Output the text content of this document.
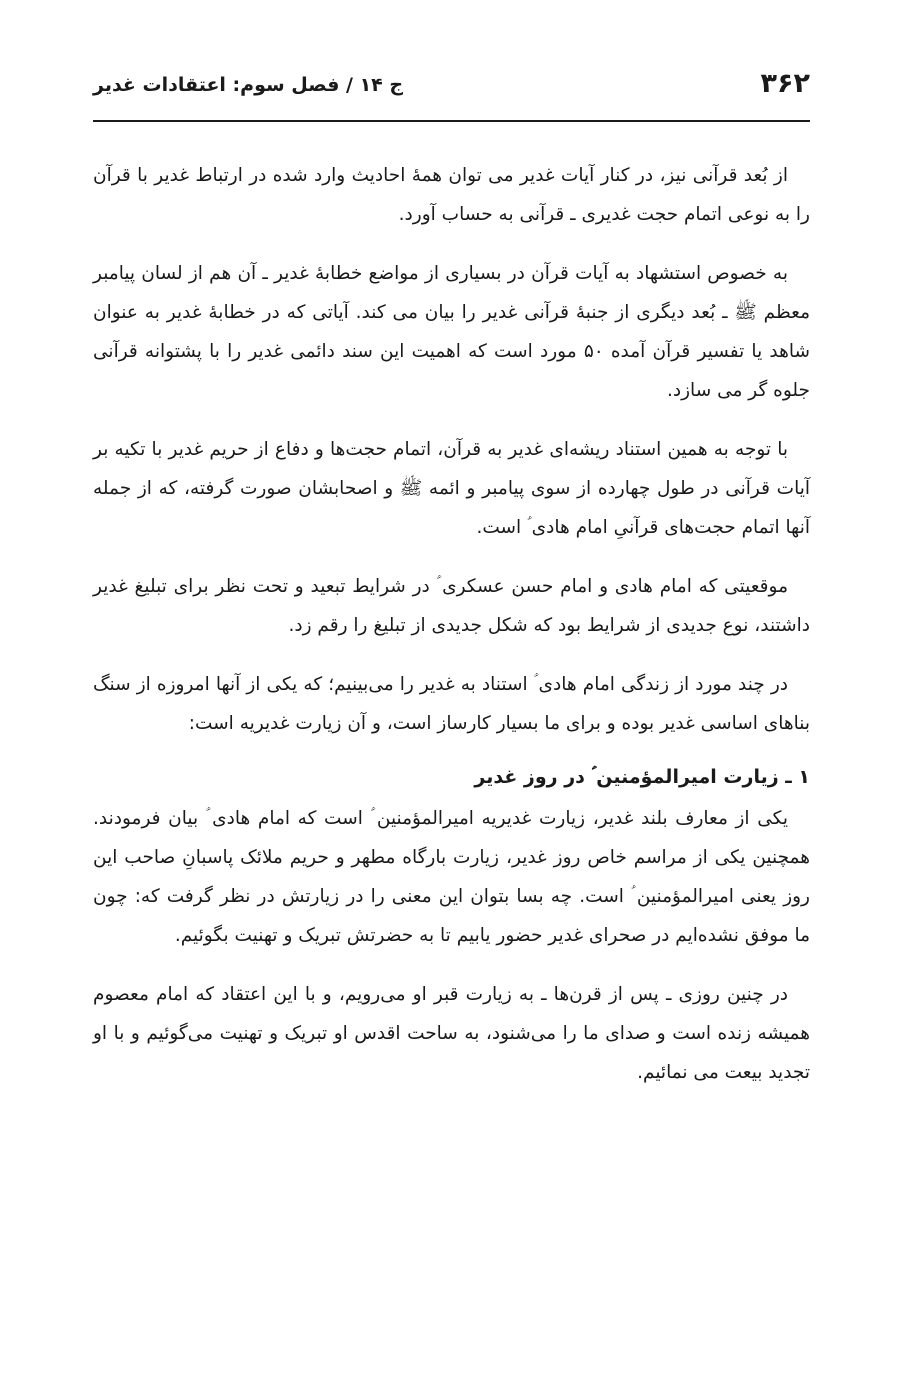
۳۶۲
ج ۱۴ / فصل سوم: اعتقادات غدیر

از بُعد قرآنی نیز، در کنار آیات غدیر می توان همهٔ احادیث وارد شده در ارتباط غدیر با قرآن را به نوعی اتمام حجت غدیری ـ قرآنی به حساب آورد.

به خصوص استشهاد به آیات قرآن در بسیاری از مواضع خطابهٔ غدیر ـ آن هم از لسان پیامبر معظم ﷺ ـ بُعد دیگری از جنبهٔ قرآنی غدیر را بیان می کند. آیاتی که در خطابهٔ غدیر به عنوان شاهد یا تفسیر قرآن آمده ۵۰ مورد است که اهمیت این سند دائمی غدیر را با پشتوانه قرآنی جلوه گر می سازد.

با توجه به همین استناد ریشه‌ای غدیر به قرآن، اتمام حجت‌ها و دفاع از حریم غدیر با تکیه بر آیات قرآنی در طول چهارده از سوی پیامبر و ائمه ﷺ و اصحابشان صورت گرفته، که از جمله آنها اتمام حجت‌های قرآنیِ امام هادی ؑ است.

موقعیتی که امام هادی و امام حسن عسکری ؑ در شرایط تبعید و تحت نظر برای تبلیغ غدیر داشتند، نوع جدیدی از شرایط بود که شکل جدیدی از تبلیغ را رقم زد.

در چند مورد از زندگی امام هادی ؑ استناد به غدیر را می‌بینیم؛ که یکی از آنها امروزه از سنگ بناهای اساسی غدیر بوده و برای ما بسیار کارساز است، و آن زیارت غدیریه است:

۱ ـ زیارت امیرالمؤمنین ؑ در روز غدیر

یکی از معارف بلند غدیر، زیارت غدیریه امیرالمؤمنین ؑ است که امام هادی ؑ بیان فرمودند. همچنین یکی از مراسم خاص روز غدیر، زیارت بارگاه مطهر و حریم ملائک پاسبانِ صاحب این روز یعنی امیرالمؤمنین ؑ است. چه بسا بتوان این معنی را در زیارتش در نظر گرفت که: چون ما موفق نشده‌ایم در صحرای غدیر حضور یابیم تا به حضرتش تبریک و تهنیت بگوئیم.

در چنین روزی ـ پس از قرن‌ها ـ به زیارت قبر او می‌رویم، و با این اعتقاد که امام معصوم همیشه زنده است و صدای ما را می‌شنود، به ساحت اقدس او تبریک و تهنیت می‌گوئیم و با او تجدید بیعت می نمائیم.
